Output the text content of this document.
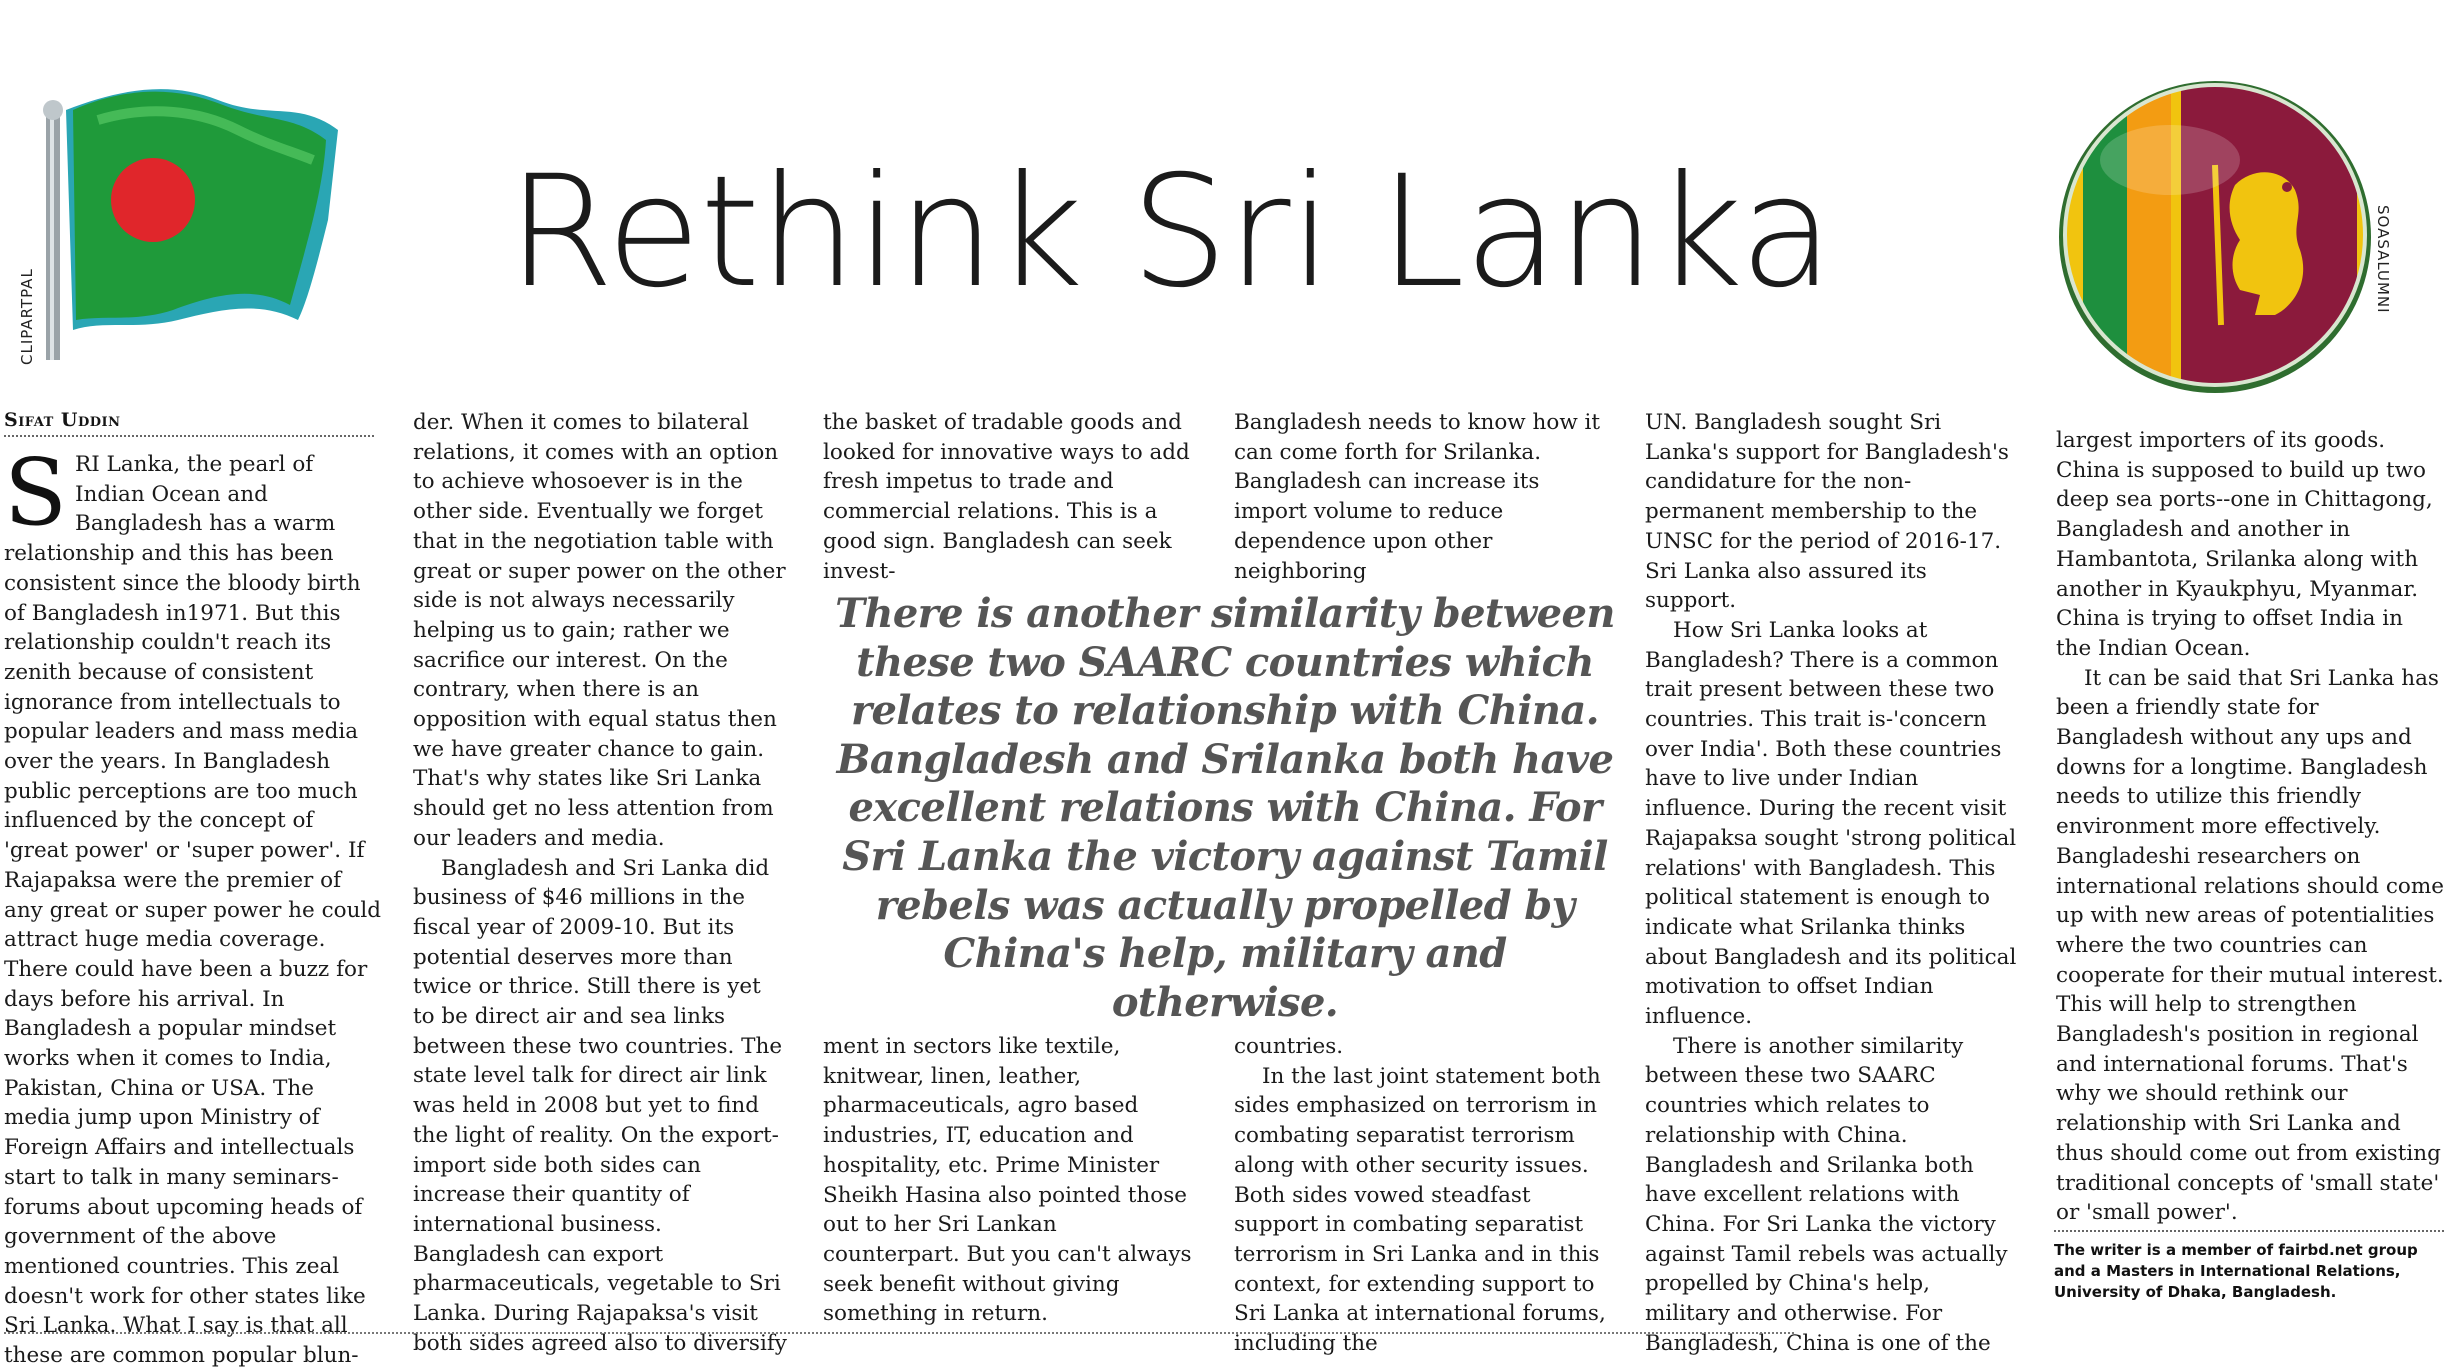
CLIPARTPAL
SOASALUMNI
Rethink Sri Lanka
Sifat Uddin

SRI Lanka, the pearl of Indian Ocean and Bangladesh has a warm relationship and this has been consistent since the bloody birth of Bangladesh in1971. But this relationship couldn't reach its zenith because of consistent ignorance from intellectuals to popular leaders and mass media over the years. In Bangladesh public perceptions are too much influenced by the concept of 'great power' or 'super power'. If Rajapaksa were the premier of any great or super power he could attract huge media coverage. There could have been a buzz for days before his arrival. In Bangladesh a popular mindset works when it comes to India, Pakistan, China or USA. The media jump upon Ministry of Foreign Affairs and intellectuals start to talk in many seminars-forums about upcoming heads of government of the above mentioned countries. This zeal doesn't work for other states like Sri Lanka. What I say is that all these are common popular blun-

der. When it comes to bilateral relations, it comes with an option to achieve whosoever is in the other side. Eventually we forget that in the negotiation table with great or super power on the other side is not always necessarily helping us to gain; rather we sacrifice our interest. On the contrary, when there is an opposition with equal status then we have greater chance to gain. That's why states like Sri Lanka should get no less attention from our leaders and media.

Bangladesh and Sri Lanka did business of $46 millions in the fiscal year of 2009-10. But its potential deserves more than twice or thrice. Still there is yet to be direct air and sea links between these two countries. The state level talk for direct air link was held in 2008 but yet to find the light of reality. On the export-import side both sides can increase their quantity of international business. Bangladesh can export pharmaceuticals, vegetable to Sri Lanka. During Rajapaksa's visit both sides agreed also to diversify

the basket of tradable goods and looked for innovative ways to add fresh impetus to trade and commercial relations. This is a good sign. Bangladesh can seek invest-

ment in sectors like textile, knitwear, linen, leather, pharmaceuticals, agro based industries, IT, education and hospitality, etc. Prime Minister Sheikh Hasina also pointed those out to her Sri Lankan counterpart. But you can't always seek benefit without giving something in return.

Bangladesh needs to know how it can come forth for Srilanka. Bangladesh can increase its import volume to reduce dependence upon other neighboring

countries.

In the last joint statement both sides emphasized on terrorism in combating separatist terrorism along with other security issues. Both sides vowed steadfast support in combating separatist terrorism in Sri Lanka and in this context, for extending support to Sri Lanka at international forums, including the

There is another similarity between these two SAARC countries which relates to relationship with China. Bangladesh and Srilanka both have excellent relations with China. For Sri Lanka the victory against Tamil rebels was actually propelled by China's help, military and otherwise.

UN. Bangladesh sought Sri Lanka's support for Bangladesh's candidature for the non-permanent membership to the UNSC for the period of 2016-17. Sri Lanka also assured its support.

How Sri Lanka looks at Bangladesh? There is a common trait present between these two countries. This trait is-'concern over India'. Both these countries have to live under Indian influence. During the recent visit Rajapaksa sought 'strong political relations' with Bangladesh. This political statement is enough to indicate what Srilanka thinks about Bangladesh and its political motivation to offset Indian influence.

There is another similarity between these two SAARC countries which relates to relationship with China. Bangladesh and Srilanka both have excellent relations with China. For Sri Lanka the victory against Tamil rebels was actually propelled by China's help, military and otherwise. For Bangladesh, China is one of the

largest importers of its goods. China is supposed to build up two deep sea ports--one in Chittagong, Bangladesh and another in Hambantota, Srilanka along with another in Kyaukphyu, Myanmar. China is trying to offset India in the Indian Ocean.

It can be said that Sri Lanka has been a friendly state for Bangladesh without any ups and downs for a longtime. Bangladesh needs to utilize this friendly environment more effectively. Bangladeshi researchers on international relations should come up with new areas of potentialities where the two countries can cooperate for their mutual interest. This will help to strengthen Bangladesh's position in regional and international forums. That's why we should rethink our relationship with Sri Lanka and thus should come out from existing traditional concepts of 'small state' or 'small power'.

The writer is a member of fairbd.net group and a Masters in International Relations, University of Dhaka, Bangladesh.
